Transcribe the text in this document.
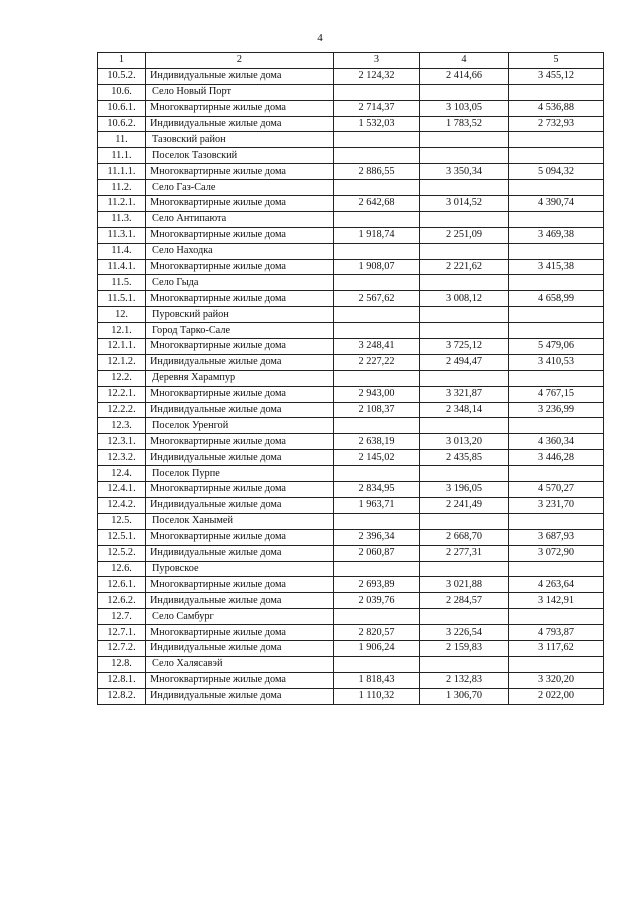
4
1	2	3	4	5
10.5.2.	Индивидуальные жилые дома	2 124,32	2 414,66	3 455,12
10.6.	Село Новый Порт			
10.6.1.	Многоквартирные жилые дома	2 714,37	3 103,05	4 536,88
10.6.2.	Индивидуальные жилые дома	1 532,03	1 783,52	2 732,93
11.	Тазовский район			
11.1.	Поселок Тазовский			
11.1.1.	Многоквартирные жилые дома	2 886,55	3 350,34	5 094,32
11.2.	Село Газ-Сале			
11.2.1.	Многоквартирные жилые дома	2 642,68	3 014,52	4 390,74
11.3.	Село Антипаюта			
11.3.1.	Многоквартирные жилые дома	1 918,74	2 251,09	3 469,38
11.4.	Село Находка			
11.4.1.	Многоквартирные жилые дома	1 908,07	2 221,62	3 415,38
11.5.	Село Гыда			
11.5.1.	Многоквартирные жилые дома	2 567,62	3 008,12	4 658,99
12.	Пуровский район			
12.1.	Город Тарко-Сале			
12.1.1.	Многоквартирные жилые дома	3 248,41	3 725,12	5 479,06
12.1.2.	Индивидуальные жилые дома	2 227,22	2 494,47	3 410,53
12.2.	Деревня Харампур			
12.2.1.	Многоквартирные жилые дома	2 943,00	3 321,87	4 767,15
12.2.2.	Индивидуальные жилые дома	2 108,37	2 348,14	3 236,99
12.3.	Поселок Уренгой			
12.3.1.	Многоквартирные жилые дома	2 638,19	3 013,20	4 360,34
12.3.2.	Индивидуальные жилые дома	2 145,02	2 435,85	3 446,28
12.4.	Поселок Пурпе			
12.4.1.	Многоквартирные жилые дома	2 834,95	3 196,05	4 570,27
12.4.2.	Индивидуальные жилые дома	1 963,71	2 241,49	3 231,70
12.5.	Поселок Ханымей			
12.5.1.	Многоквартирные жилые дома	2 396,34	2 668,70	3 687,93
12.5.2.	Индивидуальные жилые дома	2 060,87	2 277,31	3 072,90
12.6.	Пуровское			
12.6.1.	Многоквартирные жилые дома	2 693,89	3 021,88	4 263,64
12.6.2.	Индивидуальные жилые дома	2 039,76	2 284,57	3 142,91
12.7.	Село Самбург			
12.7.1.	Многоквартирные жилые дома	2 820,57	3 226,54	4 793,87
12.7.2.	Индивидуальные жилые дома	1 906,24	2 159,83	3 117,62
12.8.	Село Халясавэй			
12.8.1.	Многоквартирные жилые дома	1 818,43	2 132,83	3 320,20
12.8.2.	Индивидуальные жилые дома	1 110,32	1 306,70	2 022,00
